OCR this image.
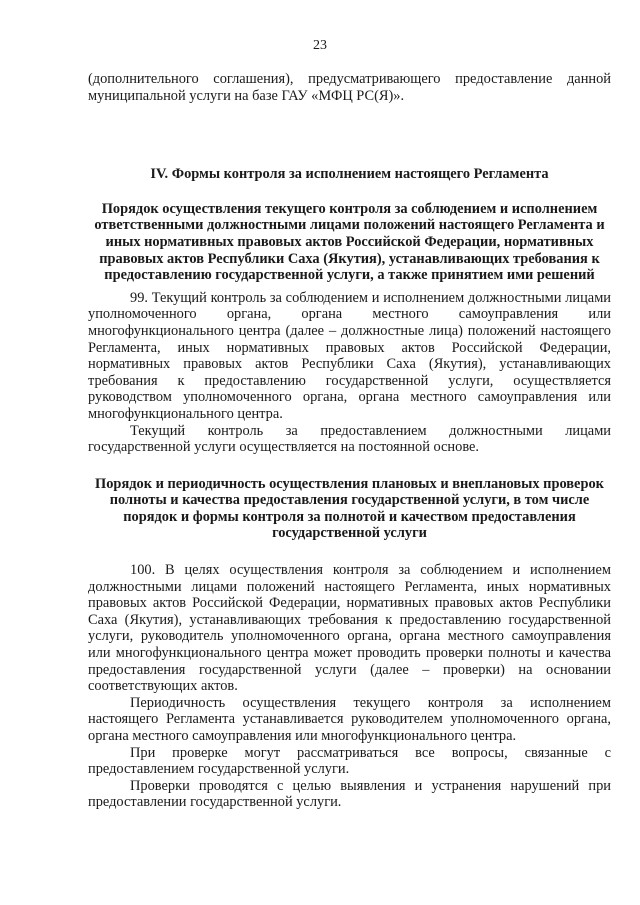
23

(дополнительного соглашения), предусматривающего предоставление данной муниципальной услуги на базе ГАУ «МФЦ РС(Я)».

IV. Формы контроля за исполнением настоящего Регламента
Порядок осуществления текущего контроля за соблюдением и исполнением ответственными должностными лицами положений настоящего Регламента и иных нормативных правовых актов Российской Федерации, нормативных правовых актов Республики Саха (Якутия), устанавливающих требования к предоставлению государственной услуги, а также принятием ими решений

99. Текущий контроль за соблюдением и исполнением должностными лицами уполномоченного органа, органа местного самоуправления или многофункционального центра (далее – должностные лица) положений настоящего Регламента, иных нормативных правовых актов Российской Федерации, нормативных правовых актов Республики Саха (Якутия), устанавливающих требования к предоставлению государственной услуги, осуществляется руководством уполномоченного органа, органа местного самоуправления или многофункционального центра.

Текущий контроль за предоставлением должностными лицами государственной услуги осуществляется на постоянной основе.

Порядок и периодичность осуществления плановых и внеплановых проверок полноты и качества предоставления государственной услуги, в том числе порядок и формы контроля за полнотой и качеством предоставления государственной услуги

100. В целях осуществления контроля за соблюдением и исполнением должностными лицами положений настоящего Регламента, иных нормативных правовых актов Российской Федерации, нормативных правовых актов Республики Саха (Якутия), устанавливающих требования к предоставлению государственной услуги, руководитель уполномоченного органа, органа местного самоуправления или многофункционального центра может проводить проверки полноты и качества предоставления государственной услуги (далее – проверки) на основании соответствующих актов.

Периодичность осуществления текущего контроля за исполнением настоящего Регламента устанавливается руководителем уполномоченного органа, органа местного самоуправления или многофункционального центра.

При проверке могут рассматриваться все вопросы, связанные с предоставлением государственной услуги.

Проверки проводятся с целью выявления и устранения нарушений при предоставлении государственной услуги.
